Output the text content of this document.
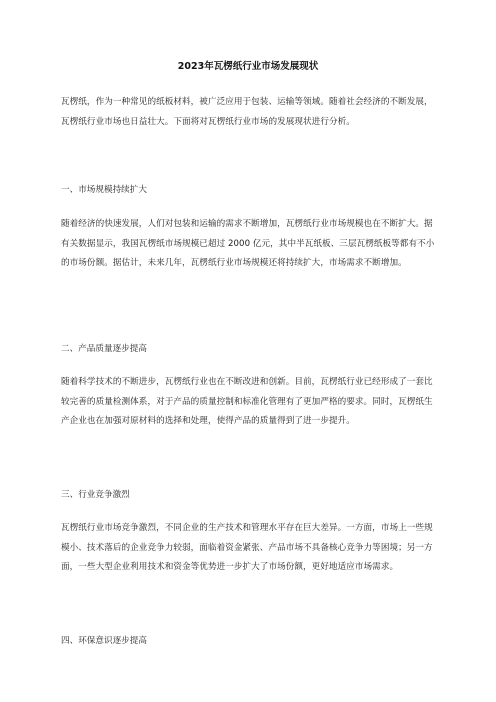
2023年瓦楞纸行业市场发展现状
瓦楞纸，作为一种常见的纸板材料，被广泛应用于包装、运输等领域。随着社会经济的不断发展，瓦楞纸行业市场也日益壮大。下面将对瓦楞纸行业市场的发展现状进行分析。
一、市场规模持续扩大
随着经济的快速发展，人们对包装和运输的需求不断增加，瓦楞纸行业市场规模也在不断扩大。据有关数据显示，我国瓦楞纸市场规模已超过 2000 亿元，其中半瓦纸板、三层瓦楞纸板等都有不小的市场份额。据估计，未来几年，瓦楞纸行业市场规模还将持续扩大，市场需求不断增加。
二、产品质量逐步提高
随着科学技术的不断进步，瓦楞纸行业也在不断改进和创新。目前，瓦楞纸行业已经形成了一套比较完善的质量检测体系，对于产品的质量控制和标准化管理有了更加严格的要求。同时，瓦楞纸生产企业也在加强对原材料的选择和处理，使得产品的质量得到了进一步提升。
三、行业竞争激烈
瓦楞纸行业市场竞争激烈，不同企业的生产技术和管理水平存在巨大差异。一方面，市场上一些规模小、技术落后的企业竞争力较弱，面临着资金紧张、产品市场不具备核心竞争力等困境；另一方面，一些大型企业利用技术和资金等优势进一步扩大了市场份额，更好地适应市场需求。
四、环保意识逐步提高
